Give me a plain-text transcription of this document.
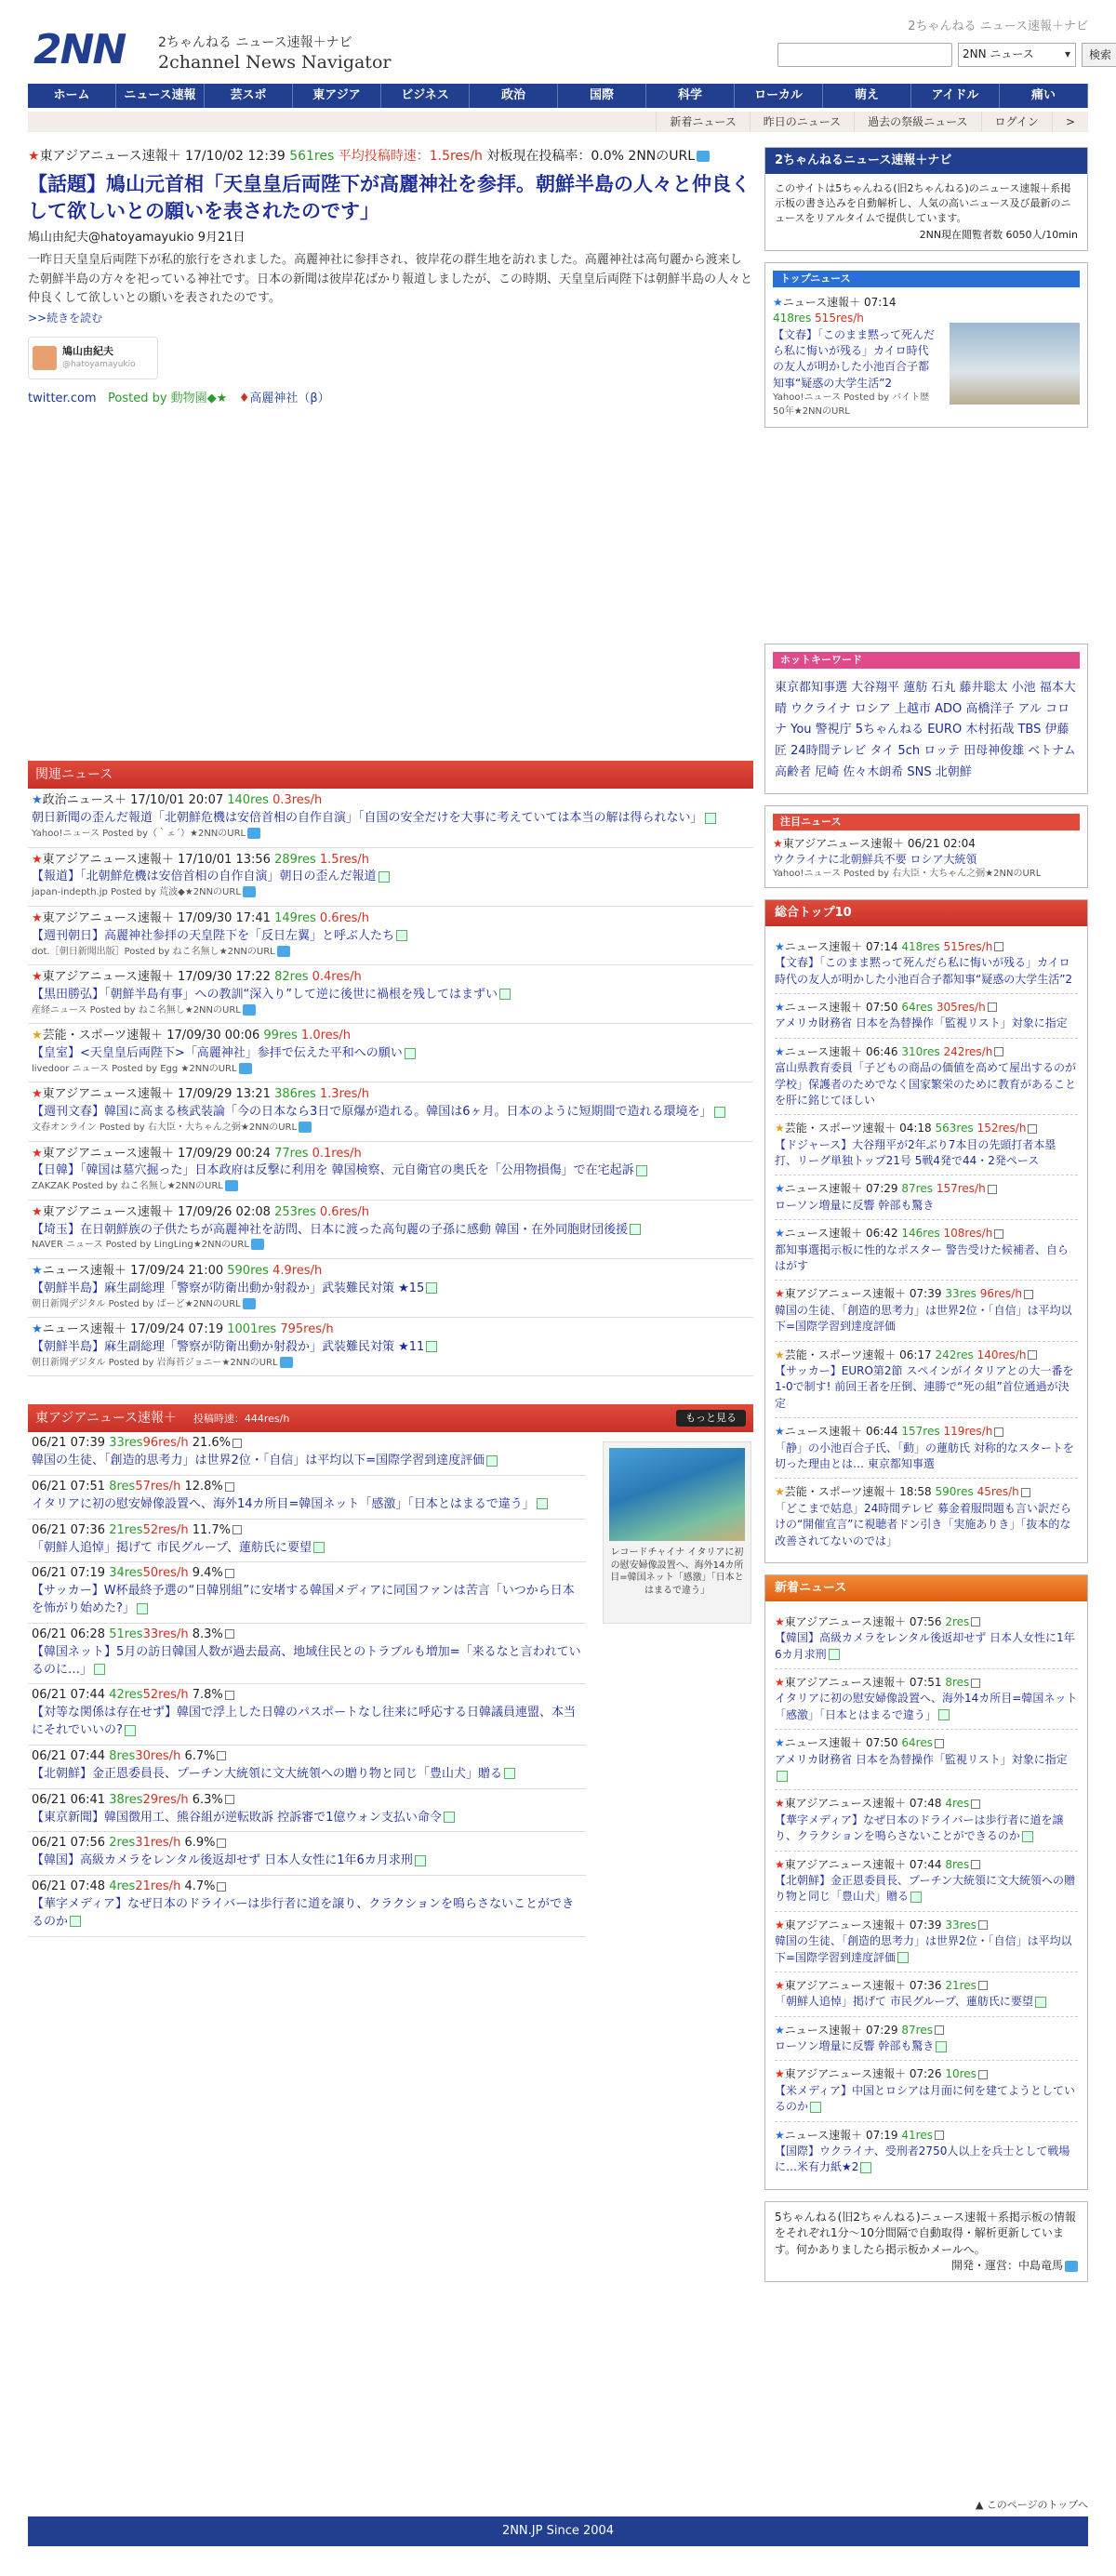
2NN	2ちゃんねる ニュース速報＋ナビ
2channel News Navigator
2ちゃんねる ニュース速報＋ナビ
2NN ニュース ▾	検索
ホーム	ニュース速報	芸スポ	東アジア	ビジネス	政治	国際	科学	ローカル	萌え	アイドル	痛い
新着ニュース	昨日のニュース	過去の祭級ニュース	ログイン	>
★東アジアニュース速報＋ 17/10/02 12:39 561res 平均投稿時速：1.5res/h 対板現在投稿率：0.0% 2NNのURL
【話題】鳩山元首相「天皇皇后両陛下が高麗神社を参拝。朝鮮半島の人々と仲良くして欲しいとの願いを表されたのです」
鳩山由紀夫@hatoyamayukio 9月21日
一昨日天皇皇后両陛下が私的旅行をされました。高麗神社に参拝され、彼岸花の群生地を訪れました。高麗神社は高句麗から渡来した朝鮮半島の方々を祀っている神社です。日本の新聞は彼岸花ばかり報道しましたが、この時期、天皇皇后両陛下は朝鮮半島の人々と仲良くして欲しいとの願いを表されたのです。
>>続きを読む
鳩山由紀夫
@hatoyamayukio
twitter.com Posted by 動物園◆★ ♦高麗神社（β）
関連ニュース
★政治ニュース＋ 17/10/01 20:07 140res 0.3res/h
朝日新聞の歪んだ報道「北朝鮮危機は安倍首相の自作自演」「自国の安全だけを大事に考えていては本当の解は得られない」
Yahoo!ニュース Posted by（｀ェ´）★2NNのURL
★東アジアニュース速報＋ 17/10/01 13:56 289res 1.5res/h
【報道】「北朝鮮危機は安倍首相の自作自演」朝日の歪んだ報道
japan-indepth.jp Posted by 荒波◆★2NNのURL
★東アジアニュース速報＋ 17/09/30 17:41 149res 0.6res/h
【週刊朝日】高麗神社参拝の天皇陛下を「反日左翼」と呼ぶ人たち
dot.［朝日新聞出版］Posted by ねこ名無し★2NNのURL
★東アジアニュース速報＋ 17/09/30 17:22 82res 0.4res/h
【黒田勝弘】「朝鮮半島有事」への教訓“深入り”して逆に後世に禍根を残してはまずい
産経ニュース Posted by ねこ名無し★2NNのURL
★芸能・スポーツ速報＋ 17/09/30 00:06 99res 1.0res/h
【皇室】<天皇皇后両陛下>「高麗神社」参拝で伝えた平和への願い
livedoor ニュース Posted by Egg ★2NNのURL
★東アジアニュース速報＋ 17/09/29 13:21 386res 1.3res/h
【週刊文春】韓国に高まる核武装論「今の日本なら3日で原爆が造れる。韓国は6ヶ月。日本のように短期間で造れる環境を」
文春オンライン Posted by 右大臣・大ちゃん之弼★2NNのURL
★東アジアニュース速報＋ 17/09/29 00:24 77res 0.1res/h
【日韓】「韓国は墓穴掘った」日本政府は反撃に利用を 韓国検察、元自衛官の奥氏を「公用物損傷」で在宅起訴
ZAKZAK Posted by ねこ名無し★2NNのURL
★東アジアニュース速報＋ 17/09/26 02:08 253res 0.6res/h
【埼玉】在日朝鮮族の子供たちが高麗神社を訪問、日本に渡った高句麗の子孫に感動 韓国・在外同胞財団後援
NAVER ニュース Posted by LingLing★2NNのURL
★ニュース速報＋ 17/09/24 21:00 590res 4.9res/h
【朝鮮半島】麻生副総理「警察が防衛出動か射殺か」武装難民対策 ★15
朝日新聞デジタル Posted by ばーど★2NNのURL
★ニュース速報＋ 17/09/24 07:19 1001res 795res/h
【朝鮮半島】麻生副総理「警察が防衛出動か射殺か」武装難民対策 ★11
朝日新聞デジタル Posted by 岩海苔ジョニー★2NNのURL
東アジアニュース速報＋ 投稿時速：444res/h	もっと見る
06/21 07:39 33res96res/h 21.6%
韓国の生徒、「創造的思考力」は世界2位・「自信」は平均以下=国際学習到達度評価
06/21 07:51 8res57res/h 12.8%
イタリアに初の慰安婦像設置へ、海外14カ所目=韓国ネット「感激」「日本とはまるで違う」
06/21 07:36 21res52res/h 11.7%
「朝鮮人追悼」掲げて 市民グループ、蓮舫氏に要望
06/21 07:19 34res50res/h 9.4%
【サッカー】W杯最終予選の“日韓別組”に安堵する韓国メディアに同国ファンは苦言「いつから日本を怖がり始めた?」
06/21 06:28 51res33res/h 8.3%
【韓国ネット】5月の訪日韓国人数が過去最高、地域住民とのトラブルも増加=「来るなと言われているのに…」
06/21 07:44 42res52res/h 7.8%
【対等な関係は存在せず】韓国で浮上した日韓のパスポートなし往来に呼応する日韓議員連盟、本当にそれでいいの?
06/21 07:44 8res30res/h 6.7%
【北朝鮮】金正恩委員長、プーチン大統領に文大統領への贈り物と同じ「豊山犬」贈る
06/21 06:41 38res29res/h 6.3%
【東京新聞】韓国徴用工、熊谷組が逆転敗訴 控訴審で1億ウォン支払い命令
06/21 07:56 2res31res/h 6.9%
【韓国】高級カメラをレンタル後返却せず 日本人女性に1年6カ月求刑
06/21 07:48 4res21res/h 4.7%
【華字メディア】なぜ日本のドライバーは歩行者に道を譲り、クラクションを鳴らさないことができるのか
レコードチャイナ イタリアに初の慰安婦像設置へ、海外14カ所目=韓国ネット「感激」「日本とはまるで違う」
2ちゃんねるニュース速報＋ナビ
このサイトは5ちゃんねる(旧2ちゃんねる)のニュース速報＋系掲示板の書き込みを自動解析し、人気の高いニュース及び最新のニュースをリアルタイムで提供しています。
2NN現在閲覧者数 6050人/10min
トップニュース
★ニュース速報＋ 07:14
418res 515res/h
【文春】「このまま黙って死んだら私に悔いが残る」カイロ時代の友人が明かした小池百合子都知事“疑惑の大学生活”2
Yahoo!ニュース Posted by バイト歴50年★2NNのURL
ホットキーワード
東京都知事選 大谷翔平 蓮舫 石丸 藤井聡太 小池 福本大晴 ウクライナ ロシア 上越市 ADO 高橋洋子 アル コロナ You 警視庁 5ちゃんねる EURO 木村拓哉 TBS 伊藤匠 24時間テレビ タイ 5ch ロッテ 田母神俊雄 ベトナム 高齢者 尼崎 佐々木朗希 SNS 北朝鮮
注目ニュース
★東アジアニュース速報＋ 06/21 02:04
ウクライナに北朝鮮兵不要 ロシア大統領
Yahoo!ニュース Posted by 右大臣・大ちゃん之弼★2NNのURL
総合トップ10
★ニュース速報＋ 07:14 418res 515res/h
【文春】「このまま黙って死んだら私に悔いが残る」カイロ時代の友人が明かした小池百合子都知事“疑惑の大学生活”2
★ニュース速報＋ 07:50 64res 305res/h
アメリカ財務省 日本を為替操作「監視リスト」対象に指定
★ニュース速報＋ 06:46 310res 242res/h
富山県教育委員「子どもの商品の価値を高めて屋出するのが学校」保護者のためでなく国家繁栄のために教育があることを肝に銘じてほしい
★芸能・スポーツ速報＋ 04:18 563res 152res/h
【ドジャース】大谷翔平が2年ぶり7本目の先頭打者本塁打、リーグ単独トップ21号 5戦4発で44・2発ペース
★ニュース速報＋ 07:29 87res 157res/h
ローソン増量に反響 幹部も驚き
★ニュース速報＋ 06:42 146res 108res/h
都知事選掲示板に性的なポスター 警告受けた候補者、自らはがす
★東アジアニュース速報＋ 07:39 33res 96res/h
韓国の生徒、「創造的思考力」は世界2位・「自信」は平均以下=国際学習到達度評価
★芸能・スポーツ速報＋ 06:17 242res 140res/h
【サッカー】EURO第2節 スペインがイタリアとの大一番を1-0で制す! 前回王者を圧倒、連勝で“死の組”首位通過が決定
★ニュース速報＋ 06:44 157res 119res/h
「静」の小池百合子氏、「動」の蓮舫氏 対称的なスタートを切った理由とは… 東京都知事選
★芸能・スポーツ速報＋ 18:58 590res 45res/h
「どこまで姑息」24時間テレビ 募金着服問題も言い訳だらけの“開催宣言”に視聴者ドン引き「実施ありき」「抜本的な改善されてないのでは」
新着ニュース
★東アジアニュース速報＋ 07:56 2res
【韓国】高級カメラをレンタル後返却せず 日本人女性に1年6カ月求刑
★東アジアニュース速報＋ 07:51 8res
イタリアに初の慰安婦像設置へ、海外14カ所目=韓国ネット「感激」「日本とはまるで違う」
★ニュース速報＋ 07:50 64res
アメリカ財務省 日本を為替操作「監視リスト」対象に指定
★東アジアニュース速報＋ 07:48 4res
【華字メディア】なぜ日本のドライバーは歩行者に道を譲り、クラクションを鳴らさないことができるのか
★東アジアニュース速報＋ 07:44 8res
【北朝鮮】金正恩委員長、プーチン大統領に文大統領への贈り物と同じ「豊山犬」贈る
★東アジアニュース速報＋ 07:39 33res
韓国の生徒、「創造的思考力」は世界2位・「自信」は平均以下=国際学習到達度評価
★東アジアニュース速報＋ 07:36 21res
「朝鮮人追悼」掲げて 市民グループ、蓮舫氏に要望
★ニュース速報＋ 07:29 87res
ローソン増量に反響 幹部も驚き
★東アジアニュース速報＋ 07:26 10res
【米メディア】中国とロシアは月面に何を建てようとしているのか
★ニュース速報＋ 07:19 41res
【国際】ウクライナ、受刑者2750人以上を兵士として戦場に…米有力紙★2
5ちゃんねる(旧2ちゃんねる)ニュース速報＋系掲示板の情報をそれぞれ1分〜10分間隔で自動取得・解析更新しています。何かありましたら掲示板かメールへ。
開発・運営：中島竜馬
▲ このページのトップへ
2NN.JP Since 2004
